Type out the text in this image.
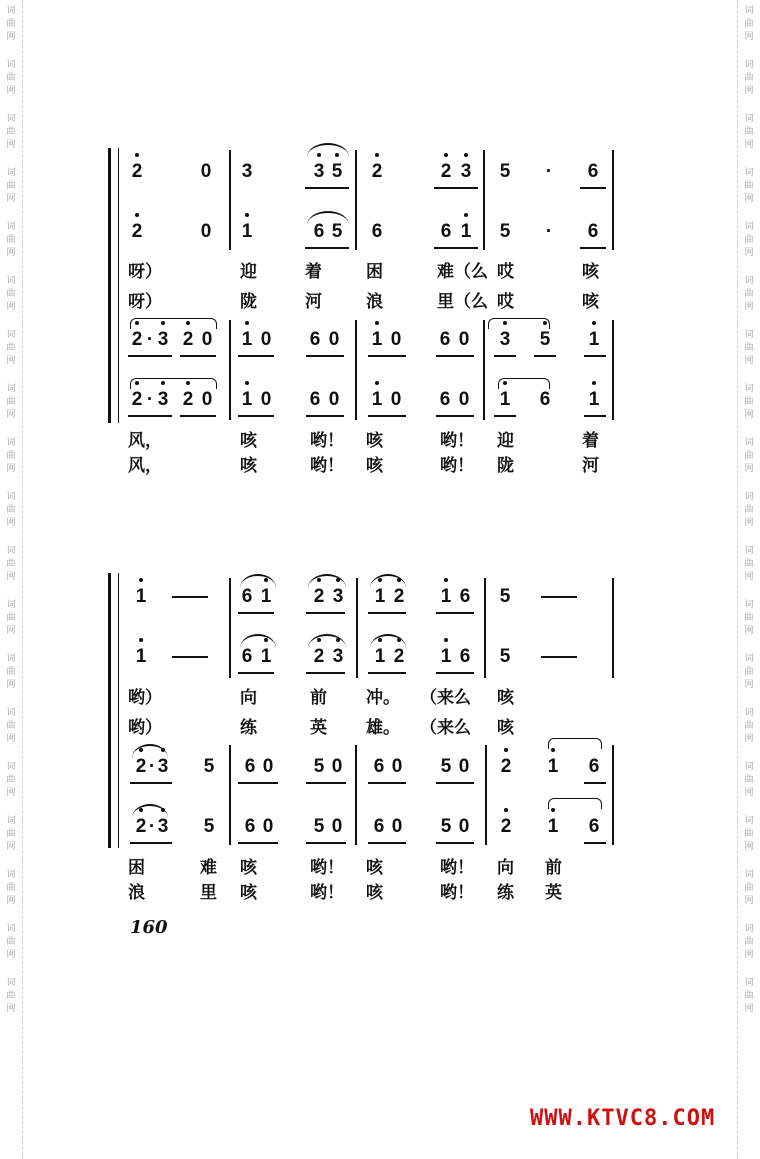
词
曲
网
词
曲
网
词
曲
网
词
曲
网
词
曲
网
词
曲
网
词
曲
网
词
曲
网
词
曲
网
词
曲
网
词
曲
网
词
曲
网
词
曲
网
词
曲
网
词
曲
网
词
曲
网
词
曲
网
词
曲
网
词
曲
网
词
曲
网
词
曲
网
词
曲
网
词
曲
网
词
曲
网
词
曲
网
词
曲
网
词
曲
网
词
曲
网
词
曲
网
词
曲
网
词
曲
网
词
曲
网
词
曲
网
词
曲
网
词
曲
网
词
曲
网
词
曲
网
词
曲
网
2	0	3	3 5	2	2 3	5	·	6
2	0	1	6 5	6	6 1	5	·	6
呀）	迎	着	困	难（么 哎	咳
呀）	陇	河	浪	里（么 哎	咳
2 · 3 2 0	1 0	6 0	1 0	6 0	3	5	1
2 · 3 2 0	1 0	6 0	1 0	6 0	1	6	1
风，	咳	哟！ 咳	哟！ 迎	着
风，	咳	哟！ 咳	哟！ 陇	河
1	6 1	2 3	1 2	1 6	5
1	6 1	2 3	1 2	1 6	5
哟）	向	前 冲。 （来么 咳
哟）	练	英 雄。 （来么 咳
2 · 3	5	6 0	5 0	6 0	5 0	2	1	6
2 · 3	5	6 0	5 0	6 0	5 0	2	1	6
困	难 咳	哟！ 咳	哟！ 向 前
浪	里 咳	哟！ 咳	哟！ 练 英
160
WWW.KTVC8.COM
